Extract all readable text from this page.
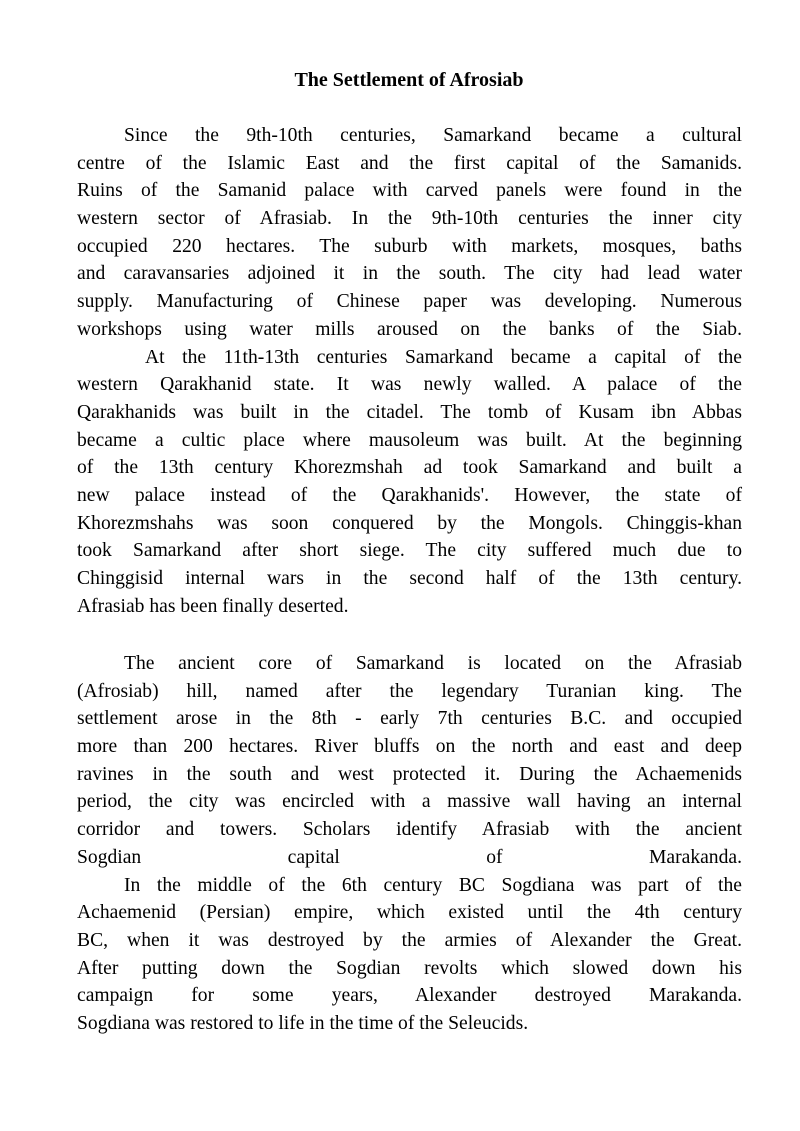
The Settlement of Afrosiab
Since the 9th-10th centuries, Samarkand became a cultural
centre of the Islamic East and the first capital of the Samanids.
Ruins of the Samanid palace with carved panels were found in the
western sector of Afrasiab. In the 9th-10th centuries the inner city
occupied 220 hectares. The suburb with markets, mosques, baths
and caravansaries adjoined it in the south. The city had lead water
supply. Manufacturing of Chinese paper was developing. Numerous
workshops using water mills aroused on the banks of the Siab.
At the 11th-13th centuries Samarkand became a capital of the
western Qarakhanid state. It was newly walled. A palace of the
Qarakhanids was built in the citadel. The tomb of Kusam ibn Abbas
became a cultic place where mausoleum was built. At the beginning
of the 13th century Khorezmshah ad took Samarkand and built a
new palace instead of the Qarakhanids'. However, the state of
Khorezmshahs was soon conquered by the Mongols. Chinggis-khan
took Samarkand after short siege. The city suffered much due to
Chinggisid internal wars in the second half of the 13th century.
Afrasiab has been finally deserted.
The ancient core of Samarkand is located on the Afrasiab
(Afrosiab) hill, named after the legendary Turanian king. The
settlement arose in the 8th - early 7th centuries B.C. and occupied
more than 200 hectares. River bluffs on the north and east and deep
ravines in the south and west protected it. During the Achaemenids
period, the city was encircled with a massive wall having an internal
corridor and towers. Scholars identify Afrasiab with the ancient
Sogdian capital of Marakanda.
In the middle of the 6th century BC Sogdiana was part of the
Achaemenid (Persian) empire, which existed until the 4th century
BC, when it was destroyed by the armies of Alexander the Great.
After putting down the Sogdian revolts which slowed down his
campaign for some years, Alexander destroyed Marakanda.
Sogdiana was restored to life in the time of the Seleucids.
